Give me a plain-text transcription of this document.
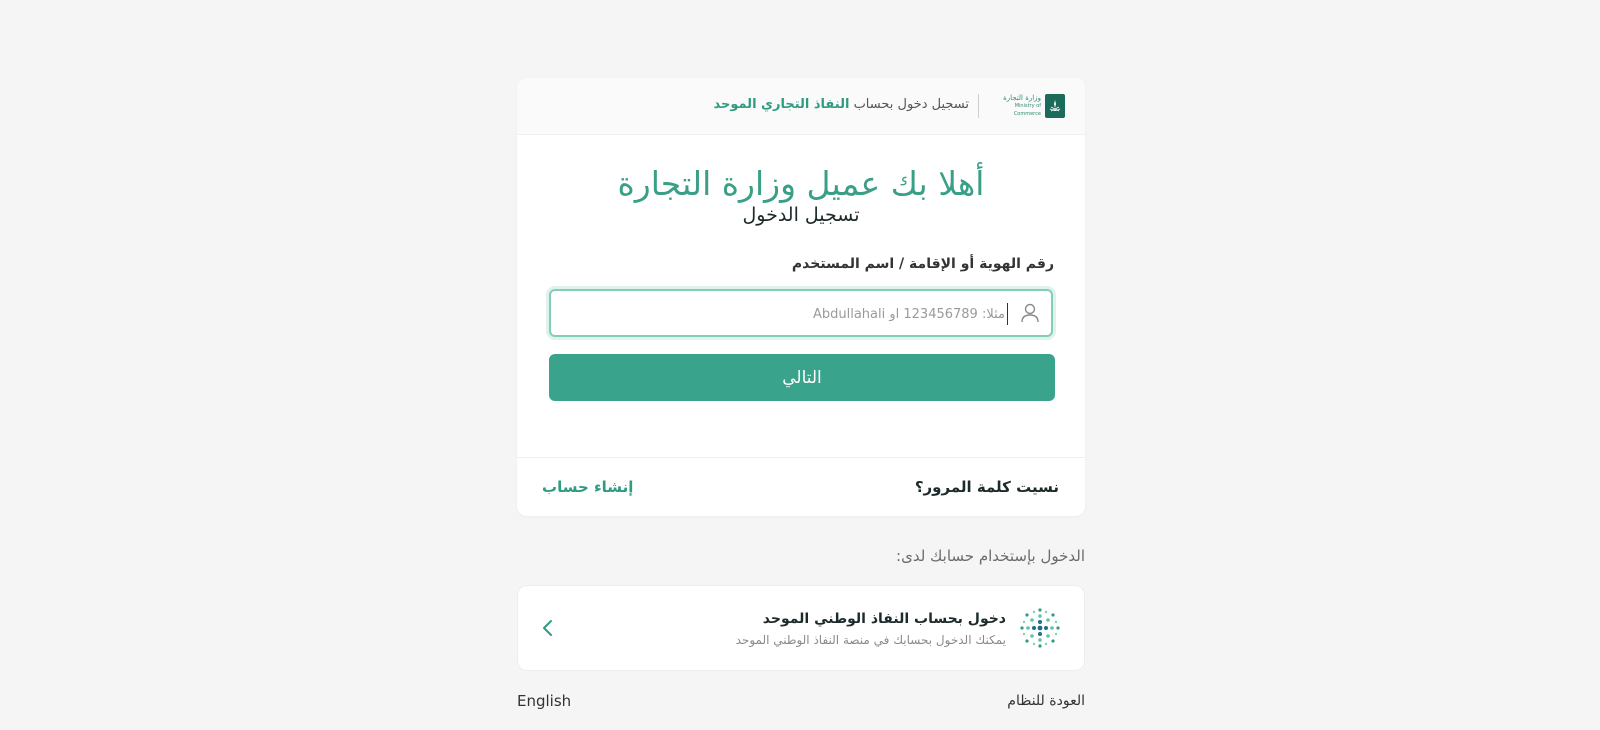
وزارة التجارة
Ministry of Commerce
تسجيل دخول بحساب النفاذ التجاري الموحد
أهلا بك عميل وزارة التجارة
تسجيل الدخول
رقم الهوية أو الإقامة / اسم المستخدم
مثلا: 123456789 او Abdullahali
التالي
نسيت كلمة المرور؟
إنشاء حساب
الدخول بإستخدام حسابك لدى:
دخول بحساب النفاذ الوطني الموحد
يمكنك الدخول بحسابك في منصة النفاذ الوطني الموحد
English	العودة للنظام
